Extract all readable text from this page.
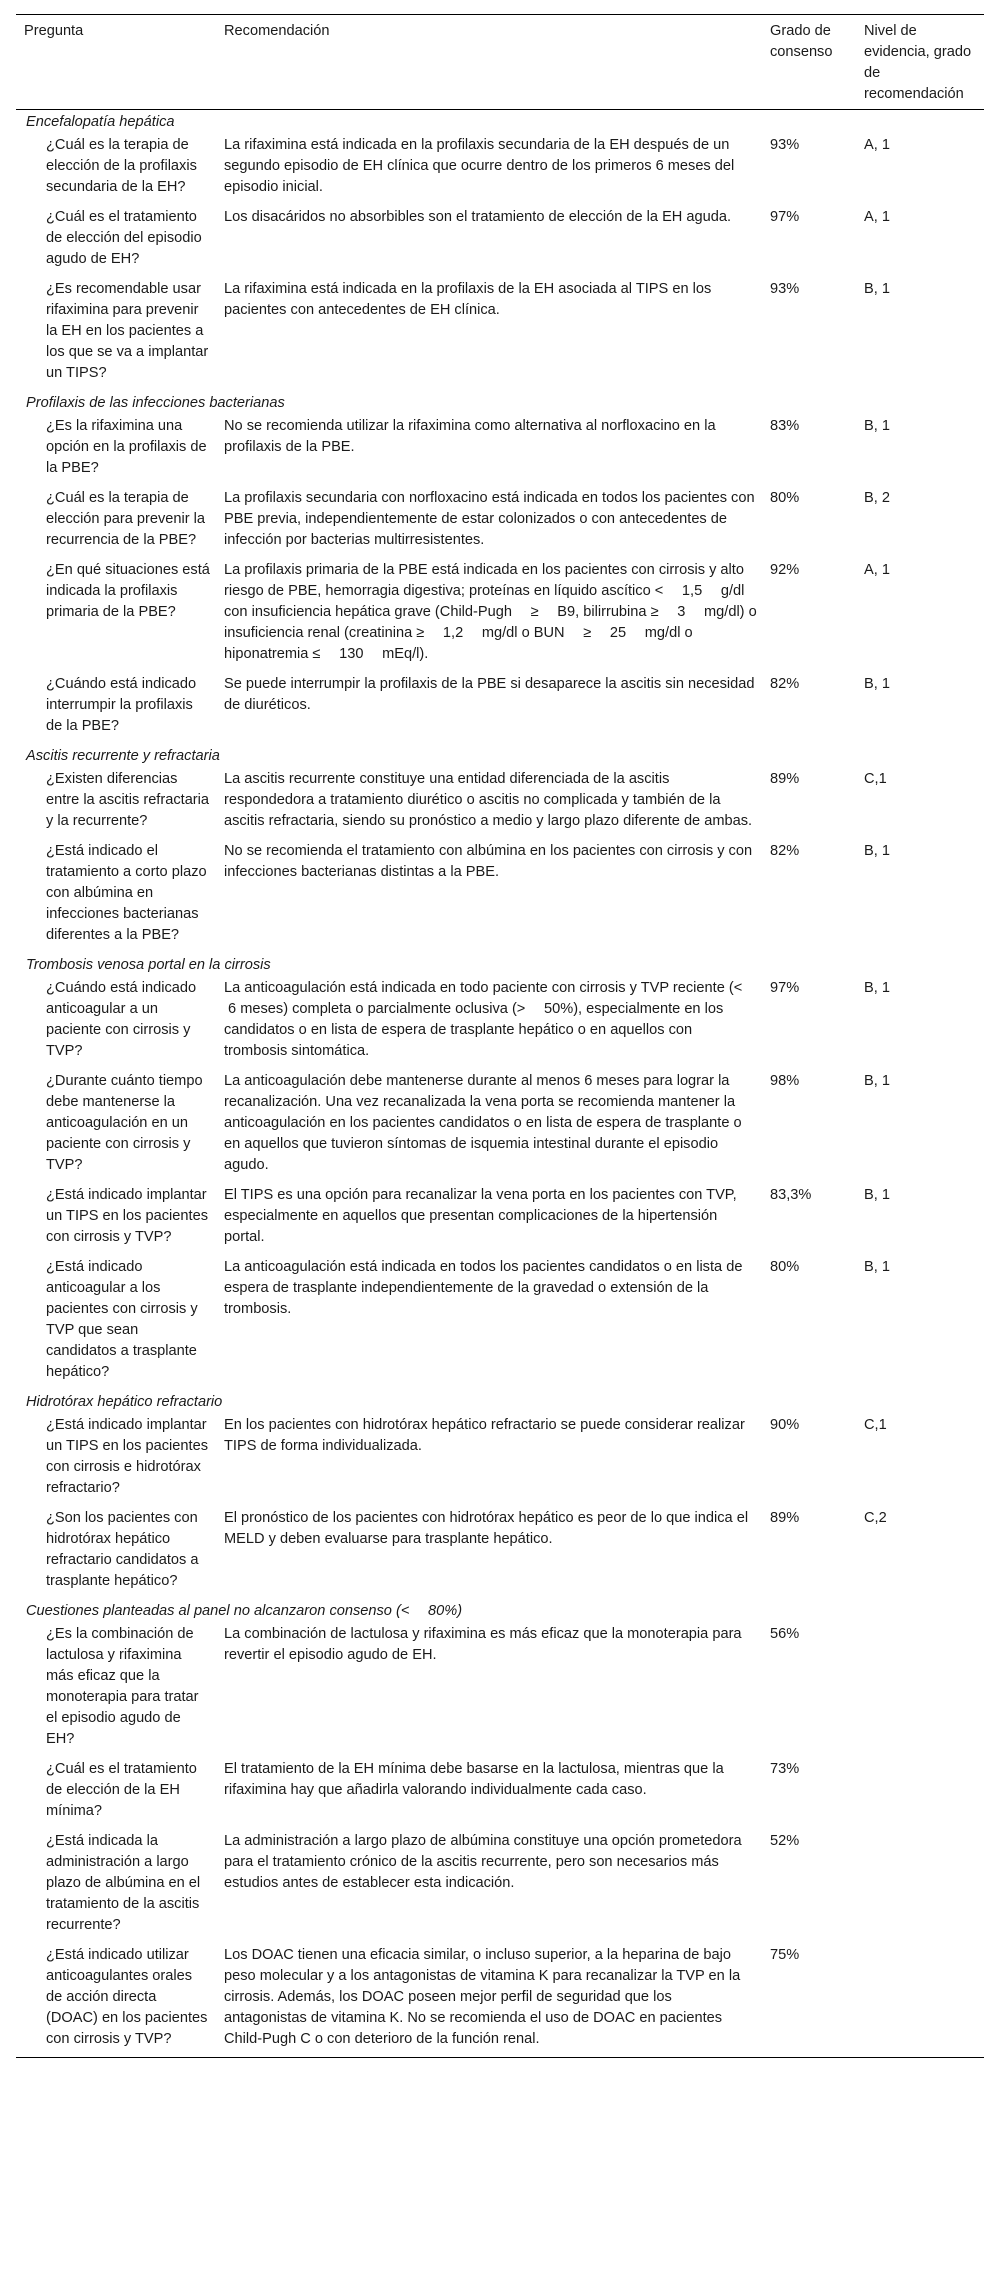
Pregunta	Recomendación	Grado de consenso	Nivel de evidencia, grado de recomendación
Encefalopatía hepática			
¿Cuál es la terapia de elección de la profilaxis secundaria de la EH?	La rifaximina está indicada en la profilaxis secundaria de la EH después de un segundo episodio de EH clínica que ocurre dentro de los primeros 6 meses del episodio inicial.	93%	A, 1
¿Cuál es el tratamiento de elección del episodio agudo de EH?	Los disacáridos no absorbibles son el tratamiento de elección de la EH aguda.	97%	A, 1
¿Es recomendable usar rifaximina para prevenir la EH en los pacientes a los que se va a implantar un TIPS?	La rifaximina está indicada en la profilaxis de la EH asociada al TIPS en los pacientes con antecedentes de EH clínica.	93%	B, 1
Profilaxis de las infecciones bacterianas			
¿Es la rifaximina una opción en la profilaxis de la PBE?	No se recomienda utilizar la rifaximina como alternativa al norfloxacino en la profilaxis de la PBE.	83%	B, 1
¿Cuál es la terapia de elección para prevenir la recurrencia de la PBE?	La profilaxis secundaria con norfloxacino está indicada en todos los pacientes con PBE previa, independientemente de estar colonizados o con antecedentes de infección por bacterias multirresistentes.	80%	B, 2
¿En qué situaciones está indicada la profilaxis primaria de la PBE?	La profilaxis primaria de la PBE está indicada en los pacientes con cirrosis y alto riesgo de PBE, hemorragia digestiva; proteínas en líquido ascítico <  1,5  g/dl con insuficiencia hepática grave (Child-Pugh  ≥  B9, bilirrubina ≥  3  mg/dl) o insuficiencia renal (creatinina ≥  1,2  mg/dl o BUN  ≥  25  mg/dl o hiponatremia ≤  130  mEq/l).	92%	A, 1
¿Cuándo está indicado interrumpir la profilaxis de la PBE?	Se puede interrumpir la profilaxis de la PBE si desaparece la ascitis sin necesidad de diuréticos.	82%	B, 1
Ascitis recurrente y refractaria			
¿Existen diferencias entre la ascitis refractaria y la recurrente?	La ascitis recurrente constituye una entidad diferenciada de la ascitis respondedora a tratamiento diurético o ascitis no complicada y también de la ascitis refractaria, siendo su pronóstico a medio y largo plazo diferente de ambas.	89%	C,1
¿Está indicado el tratamiento a corto plazo con albúmina en infecciones bacterianas diferentes a la PBE?	No se recomienda el tratamiento con albúmina en los pacientes con cirrosis y con infecciones bacterianas distintas a la PBE.	82%	B, 1
Trombosis venosa portal en la cirrosis			
¿Cuándo está indicado anticoagular a un paciente con cirrosis y TVP?	La anticoagulación está indicada en todo paciente con cirrosis y TVP reciente (<  6 meses) completa o parcialmente oclusiva (>  50%), especialmente en los candidatos o en lista de espera de trasplante hepático o en aquellos con trombosis sintomática.	97%	B, 1
¿Durante cuánto tiempo debe mantenerse la anticoagulación en un paciente con cirrosis y TVP?	La anticoagulación debe mantenerse durante al menos 6 meses para lograr la recanalización. Una vez recanalizada la vena porta se recomienda mantener la anticoagulación en los pacientes candidatos o en lista de espera de trasplante o en aquellos que tuvieron síntomas de isquemia intestinal durante el episodio agudo.	98%	B, 1
¿Está indicado implantar un TIPS en los pacientes con cirrosis y TVP?	El TIPS es una opción para recanalizar la vena porta en los pacientes con TVP, especialmente en aquellos que presentan complicaciones de la hipertensión portal.	83,3%	B, 1
¿Está indicado anticoagular a los pacientes con cirrosis y TVP que sean candidatos a trasplante hepático?	La anticoagulación está indicada en todos los pacientes candidatos o en lista de espera de trasplante independientemente de la gravedad o extensión de la trombosis.	80%	B, 1
Hidrotórax hepático refractario			
¿Está indicado implantar un TIPS en los pacientes con cirrosis e hidrotórax refractario?	En los pacientes con hidrotórax hepático refractario se puede considerar realizar TIPS de forma individualizada.	90%	C,1
¿Son los pacientes con hidrotórax hepático refractario candidatos a trasplante hepático?	El pronóstico de los pacientes con hidrotórax hepático es peor de lo que indica el MELD y deben evaluarse para trasplante hepático.	89%	C,2
Cuestiones planteadas al panel no alcanzaron consenso (<  80%)			
¿Es la combinación de lactulosa y rifaximina más eficaz que la monoterapia para tratar el episodio agudo de EH?	La combinación de lactulosa y rifaximina es más eficaz que la monoterapia para revertir el episodio agudo de EH.	56%	
¿Cuál es el tratamiento de elección de la EH mínima?	El tratamiento de la EH mínima debe basarse en la lactulosa, mientras que la rifaximina hay que añadirla valorando individualmente cada caso.	73%	
¿Está indicada la administración a largo plazo de albúmina en el tratamiento de la ascitis recurrente?	La administración a largo plazo de albúmina constituye una opción prometedora para el tratamiento crónico de la ascitis recurrente, pero son necesarios más estudios antes de establecer esta indicación.	52%	
¿Está indicado utilizar anticoagulantes orales de acción directa (DOAC) en los pacientes con cirrosis y TVP?	Los DOAC tienen una eficacia similar, o incluso superior, a la heparina de bajo peso molecular y a los antagonistas de vitamina K para recanalizar la TVP en la cirrosis. Además, los DOAC poseen mejor perfil de seguridad que los antagonistas de vitamina K. No se recomienda el uso de DOAC en pacientes Child-Pugh C o con deterioro de la función renal.	75%	
